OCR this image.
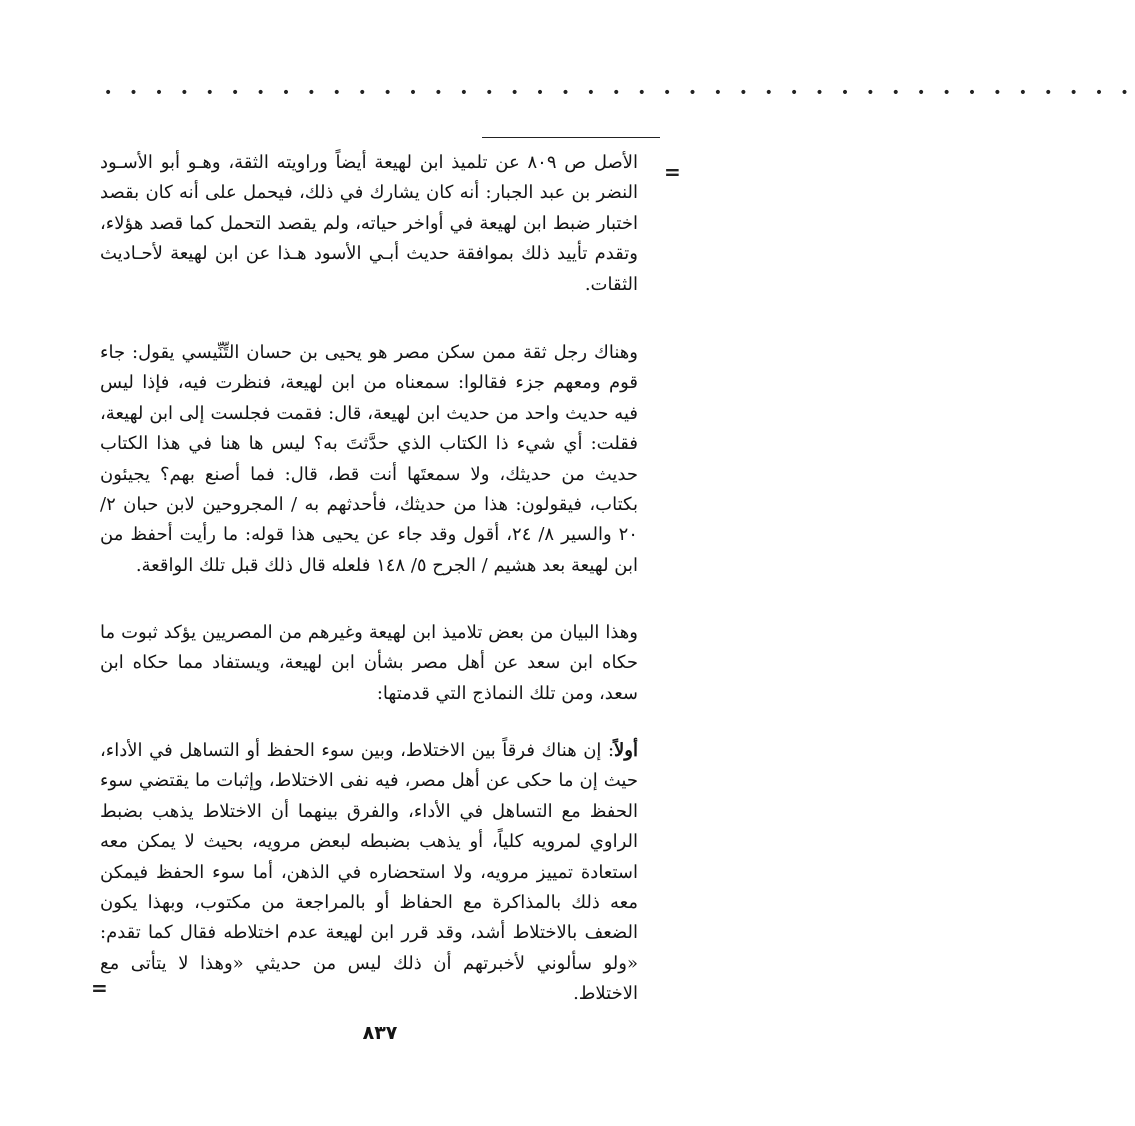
• • • • • • • • • • • • • • • • • • • • • • • • • • • • • • • • • • • • • • • • •
=

الأصل ص ٨٠٩ عن تلميذ ابن لهيعة أيضاً وراويته الثقة، وهـو أبو الأسـود النضر بن عبد الجبار: أنه كان يشارك في ذلك، فيحمل على أنه كان بقصد اختبار ضبط ابن لهيعة في أواخر حياته، ولم يقصد التحمل كما قصد هؤلاء، وتقدم تأييد ذلك بموافقة حديث أبـي الأسود هـذا عن ابن لهيعة لأحـاديث الثقات.

وهناك رجل ثقة ممن سكن مصر هو يحيى بن حسان التِّنِّيسي يقول: جاء قوم ومعهم جزء فقالوا: سمعناه من ابن لهيعة، فنظرت فيه، فإذا ليس فيه حديث واحد من حديث ابن لهيعة، قال: فقمت فجلست إلى ابن لهيعة، فقلت: أي شيء ذا الكتاب الذي حدَّثتَ به؟ ليس ها هنا في هذا الكتاب حديث من حديثك، ولا سمعتَها أنت قط، قال: فما أصنع بهم؟ يجيئون بكتاب، فيقولون: هذا من حديثك، فأحدثهم به / المجروحين لابن حبان ٢/ ٢٠ والسير ٨/ ٢٤، أقول وقد جاء عن يحيى هذا قوله: ما رأيت أحفظ من ابن لهيعة بعد هشيم / الجرح ٥/ ١٤٨ فلعله قال ذلك قبل تلك الواقعة.

وهذا البيان من بعض تلاميذ ابن لهيعة وغيرهم من المصريين يؤكد ثبوت ما حكاه ابن سعد عن أهل مصر بشأن ابن لهيعة، ويستفاد مما حكاه ابن سعد، ومن تلك النماذج التي قدمتها:

أولاً: إن هناك فرقاً بين الاختلاط، وبين سوء الحفظ أو التساهل في الأداء، حيث إن ما حكى عن أهل مصر، فيه نفى الاختلاط، وإثبات ما يقتضي سوء الحفظ مع التساهل في الأداء، والفرق بينهما أن الاختلاط يذهب بضبط الراوي لمرويه كلياً، أو يذهب بضبطه لبعض مرويه، بحيث لا يمكن معه استعادة تمييز مرويه، ولا استحضاره في الذهن، أما سوء الحفظ فيمكن معه ذلك بالمذاكرة مع الحفاظ أو بالمراجعة من مكتوب، وبهذا يكون الضعف بالاختلاط أشد، وقد قرر ابن لهيعة عدم اختلاطه فقال كما تقدم: «ولو سألوني لأخبرتهم أن ذلك ليس من حديثي «وهذا لا يتأتى مع الاختلاط.

=
٨٣٧
